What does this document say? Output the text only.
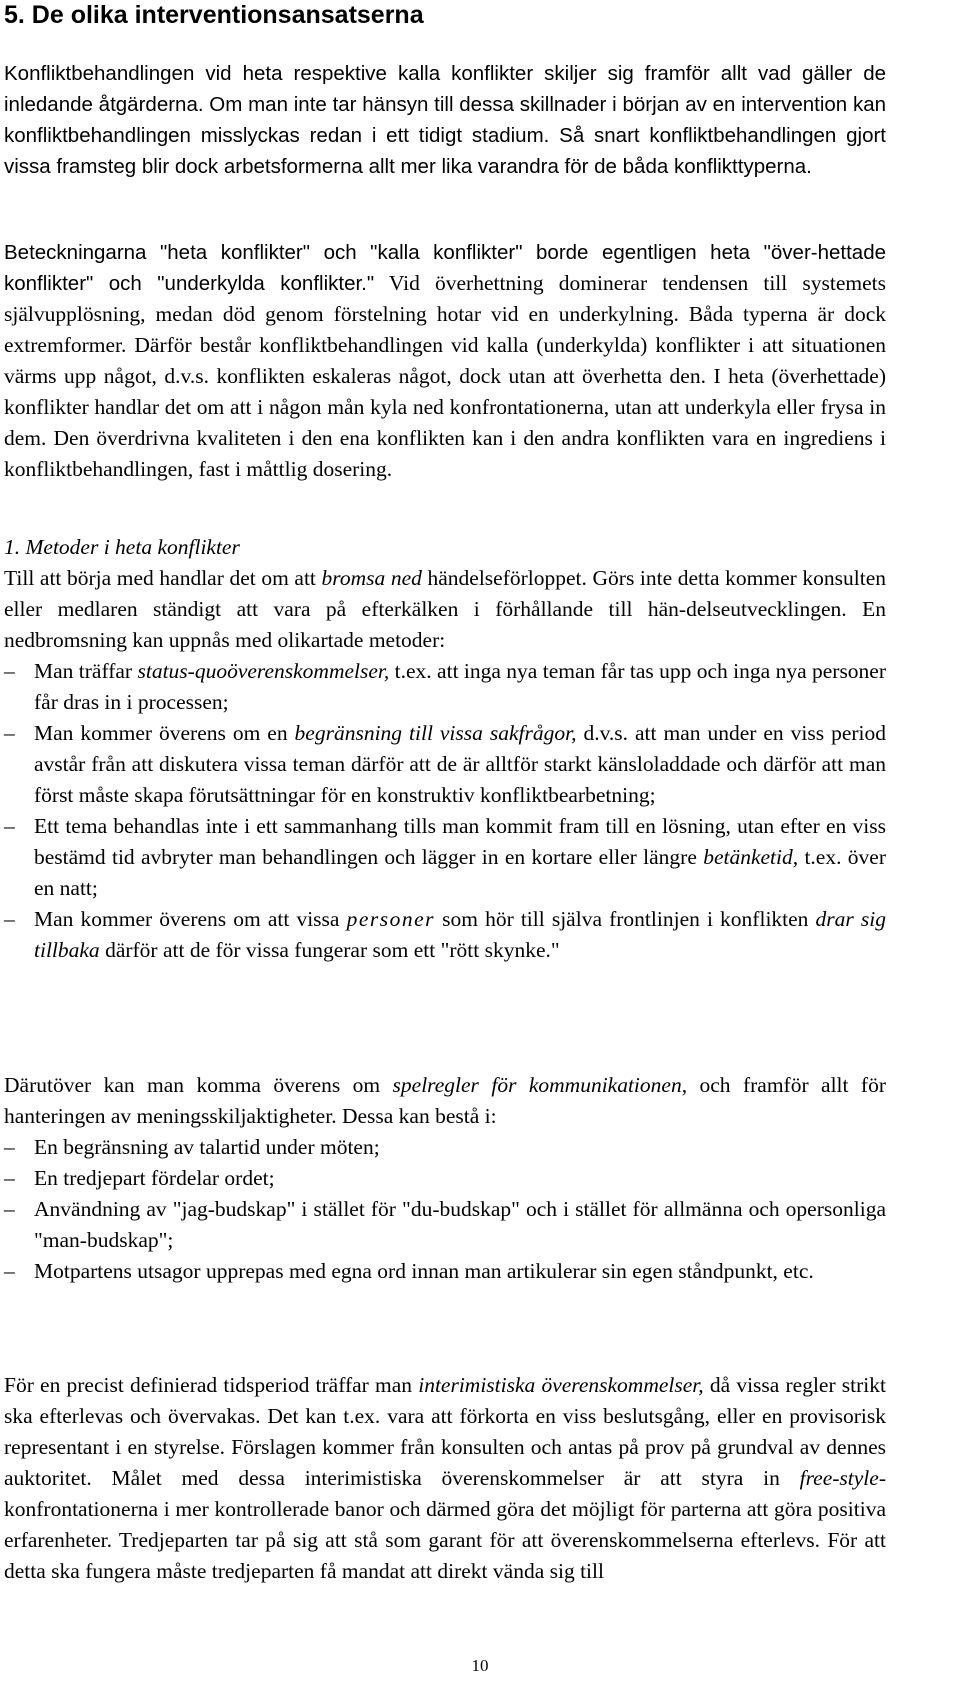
5. De olika interventionsansatserna

Konfliktbehandlingen vid heta respektive kalla konflikter skiljer sig framför allt vad gäller de inledande åtgärderna. Om man inte tar hänsyn till dessa skillnader i början av en intervention kan konfliktbehandlingen misslyckas redan i ett tidigt stadium. Så snart konfliktbehandlingen gjort vissa framsteg blir dock arbetsformerna allt mer lika varandra för de båda konflikttyperna.

Beteckningarna "heta konflikter" och "kalla konflikter" borde egentligen heta "över-hettade konflikter" och "underkylda konflikter." Vid överhettning dominerar tendensen till systemets självupplösning, medan död genom förstelning hotar vid en underkylning. Båda typerna är dock extremformer. Därför består konfliktbehandlingen vid kalla (underkylda) konflikter i att situationen värms upp något, d.v.s. konflikten eskaleras något, dock utan att överhetta den. I heta (överhettade) konflikter handlar det om att i någon mån kyla ned konfrontationerna, utan att underkyla eller frysa in dem. Den överdrivna kvaliteten i den ena konflikten kan i den andra konflikten vara en ingrediens i konfliktbehandlingen, fast i måttlig dosering.

1. Metoder i heta konflikter
Till att börja med handlar det om att bromsa ned händelseförloppet. Görs inte detta kommer konsulten eller medlaren ständigt att vara på efterkälken i förhållande till hän-delseutvecklingen. En nedbromsning kan uppnås med olikartade metoder:
– Man träffar status-quoöverenskommelser, t.ex. att inga nya teman får tas upp och inga nya personer får dras in i processen;
– Man kommer överens om en begränsning till vissa sakfrågor, d.v.s. att man under en viss period avstår från att diskutera vissa teman därför att de är alltför starkt känsloladdade och därför att man först måste skapa förutsättningar för en konstruktiv konfliktbearbetning;
– Ett tema behandlas inte i ett sammanhang tills man kommit fram till en lösning, utan efter en viss bestämd tid avbryter man behandlingen och lägger in en kortare eller längre betänketid, t.ex. över en natt;
– Man kommer överens om att vissa personer som hör till själva frontlinjen i konflikten drar sig tillbaka därför att de för vissa fungerar som ett "rött skynke."
Därutöver kan man komma överens om spelregler för kommunikationen, och framför allt för hanteringen av meningsskiljaktigheter. Dessa kan bestå i:
– En begränsning av talartid under möten;
– En tredjepart fördelar ordet;
– Användning av "jag-budskap" i stället för "du-budskap" och i stället för allmänna och opersonliga "man-budskap";
– Motpartens utsagor upprepas med egna ord innan man artikulerar sin egen ståndpunkt, etc.

För en precist definierad tidsperiod träffar man interimistiska överenskommelser, då vissa regler strikt ska efterlevas och övervakas. Det kan t.ex. vara att förkorta en viss beslutsgång, eller en provisorisk representant i en styrelse. Förslagen kommer från konsulten och antas på prov på grundval av dennes auktoritet. Målet med dessa interimistiska överenskommelser är att styra in free-style-konfrontationerna i mer kontrollerade banor och därmed göra det möjligt för parterna att göra positiva erfarenheter. Tredjeparten tar på sig att stå som garant för att överenskommelserna efterlevs. För att detta ska fungera måste tredjeparten få mandat att direkt vända sig till

10
